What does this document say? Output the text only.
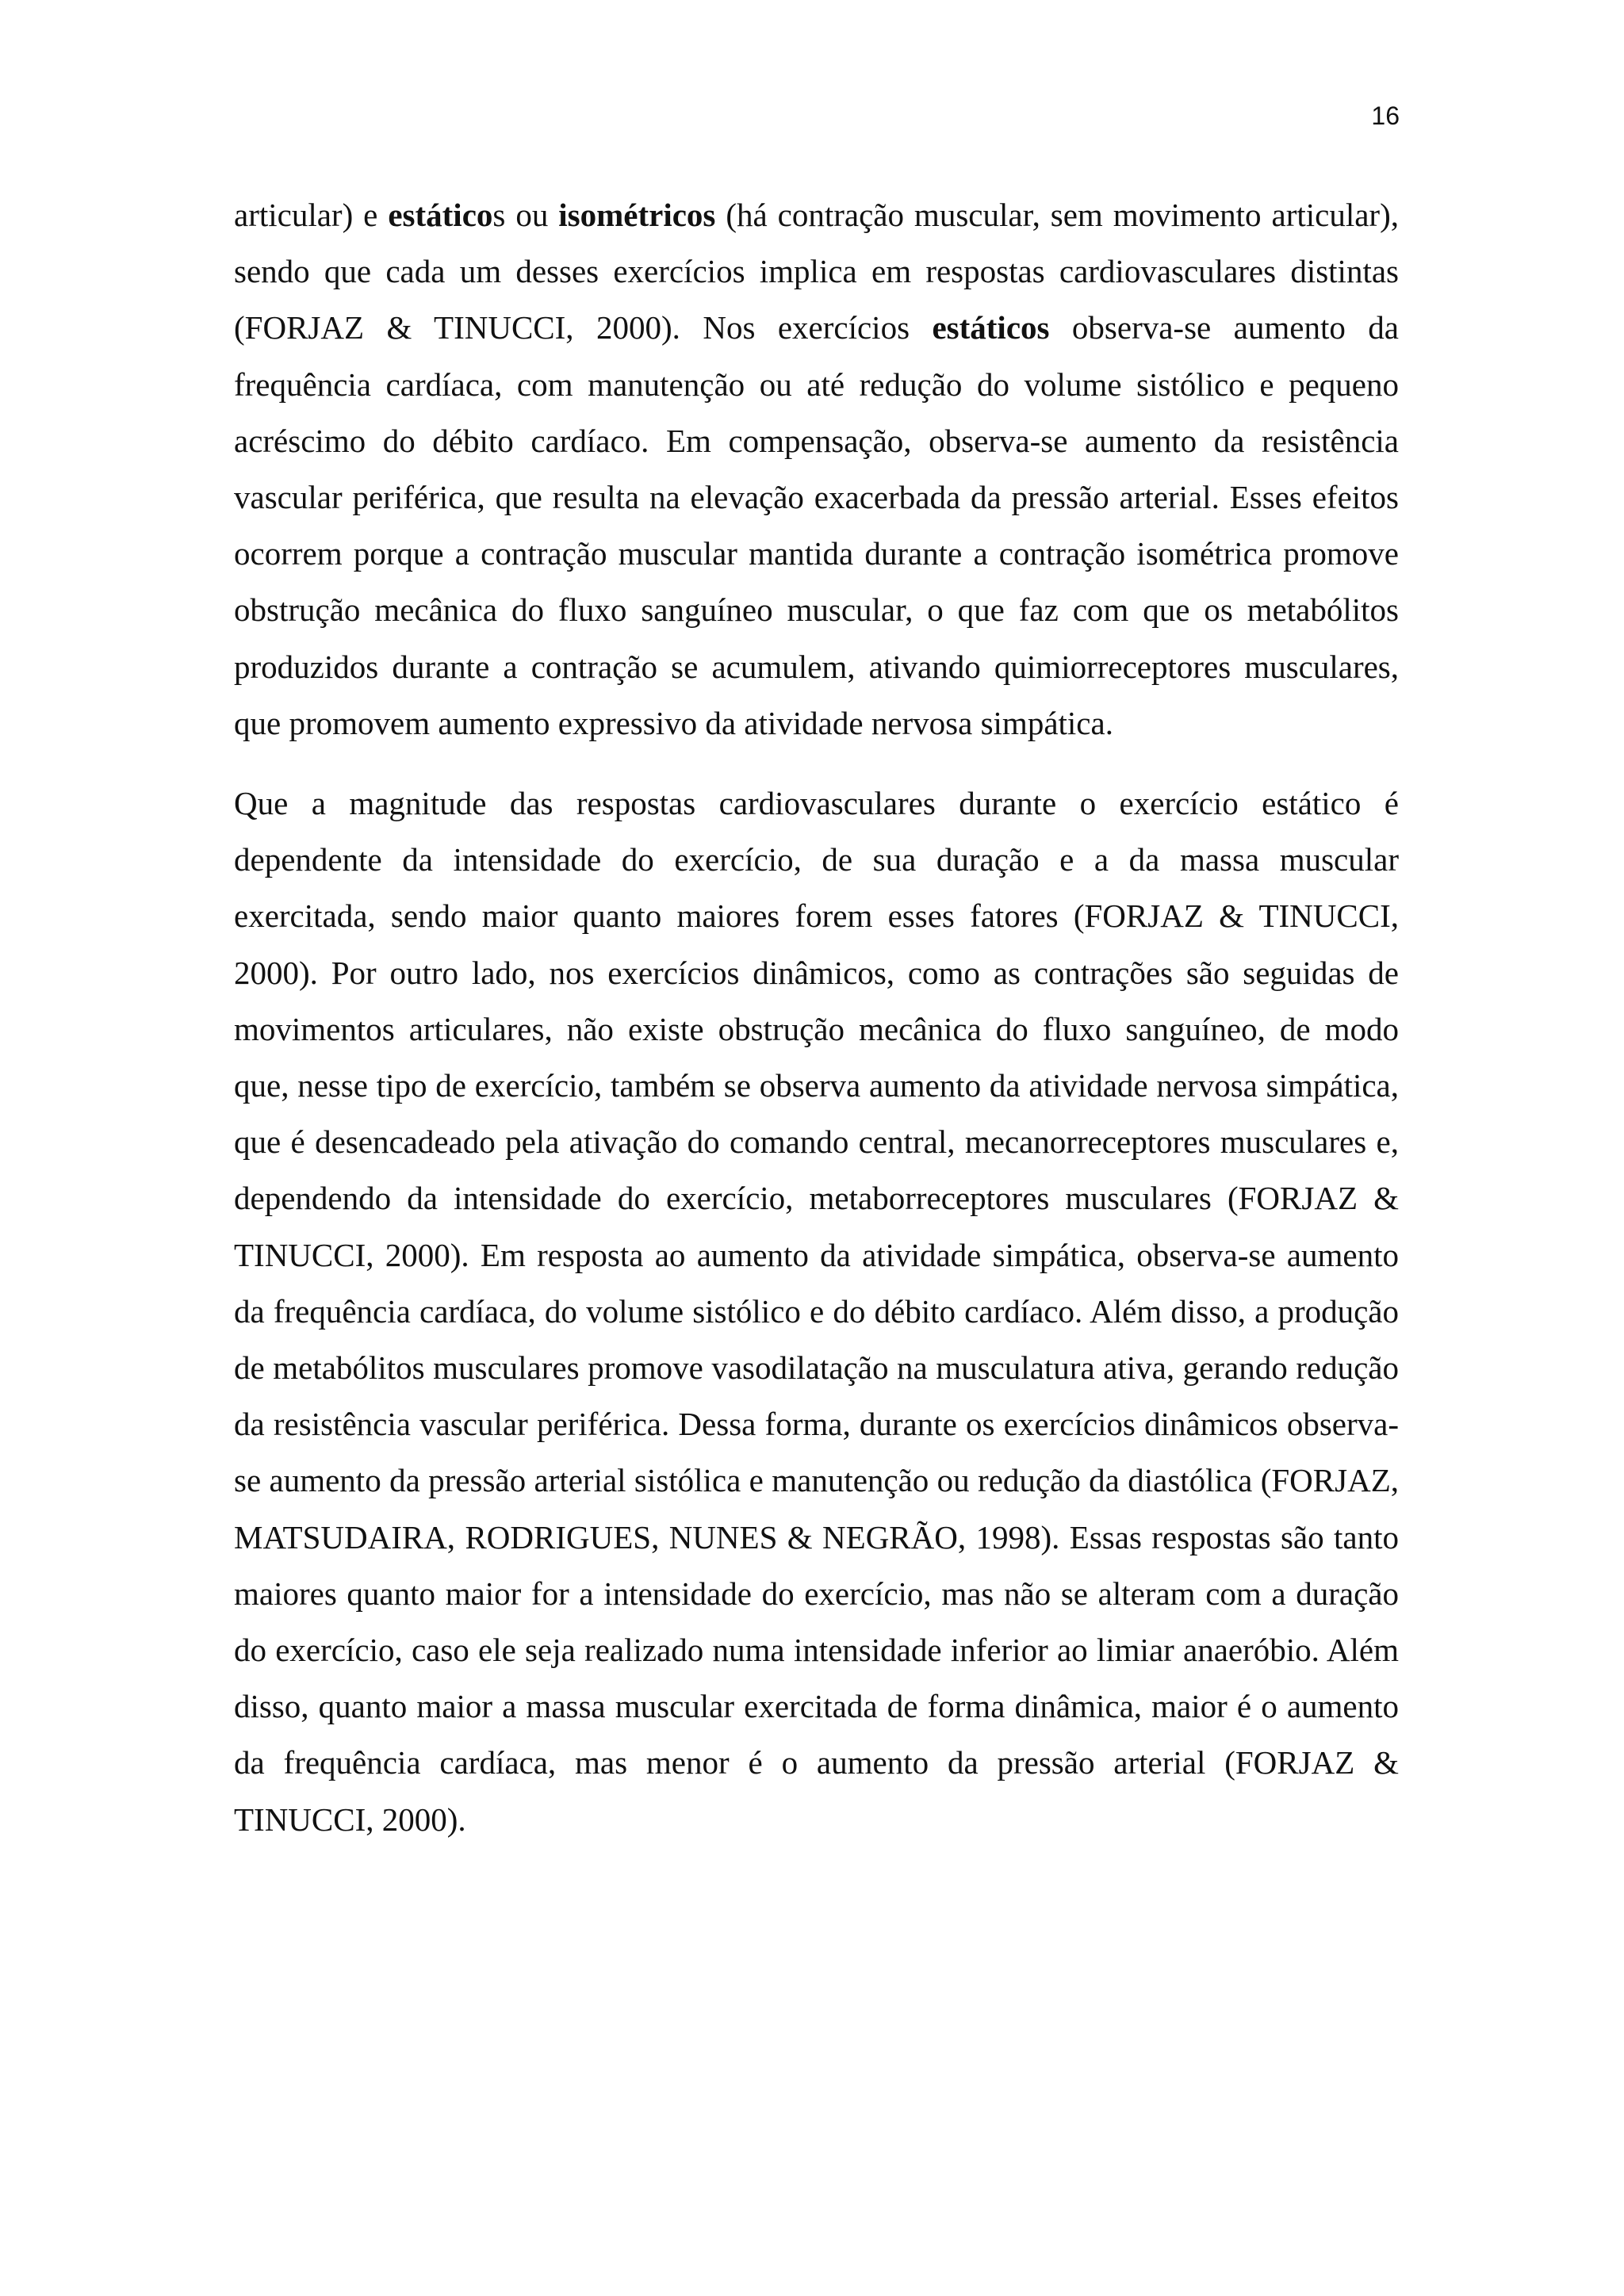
16

articular) e estáticos ou isométricos (há contração muscular, sem movimento articular), sendo que cada um desses exercícios implica em respostas cardiovasculares distintas (FORJAZ & TINUCCI, 2000). Nos exercícios estáticos observa-se aumento da frequência cardíaca, com manutenção ou até redução do volume sistólico e pequeno acréscimo do débito cardíaco. Em compensação, observa-se aumento da resistência vascular periférica, que resulta na elevação exacerbada da pressão arterial. Esses efeitos ocorrem porque a contração muscular mantida durante a contração isométrica promove obstrução mecânica do fluxo sanguíneo muscular, o que faz com que os metabólitos produzidos durante a contração se acumulem, ativando quimiorreceptores musculares, que promovem aumento expressivo da atividade nervosa simpática.

Que a magnitude das respostas cardiovasculares durante o exercício estático é dependente da intensidade do exercício, de sua duração e a da massa muscular exercitada, sendo maior quanto maiores forem esses fatores (FORJAZ & TINUCCI, 2000). Por outro lado, nos exercícios dinâmicos, como as contrações são seguidas de movimentos articulares, não existe obstrução mecânica do fluxo sanguíneo, de modo que, nesse tipo de exercício, também se observa aumento da atividade nervosa simpática, que é desencadeado pela ativação do comando central, mecanorreceptores musculares e, dependendo da intensidade do exercício, metaborreceptores musculares (FORJAZ & TINUCCI, 2000). Em resposta ao aumento da atividade simpática, observa-se aumento da frequência cardíaca, do volume sistólico e do débito cardíaco. Além disso, a produção de metabólitos musculares promove vasodilatação na musculatura ativa, gerando redução da resistência vascular periférica. Dessa forma, durante os exercícios dinâmicos observa-se aumento da pressão arterial sistólica e manutenção ou redução da diastólica (FORJAZ, MATSUDAIRA, RODRIGUES, NUNES & NEGRÃO, 1998). Essas respostas são tanto maiores quanto maior for a intensidade do exercício, mas não se alteram com a duração do exercício, caso ele seja realizado numa intensidade inferior ao limiar anaeróbio. Além disso, quanto maior a massa muscular exercitada de forma dinâmica, maior é o aumento da frequência cardíaca, mas menor é o aumento da pressão arterial (FORJAZ & TINUCCI, 2000).
